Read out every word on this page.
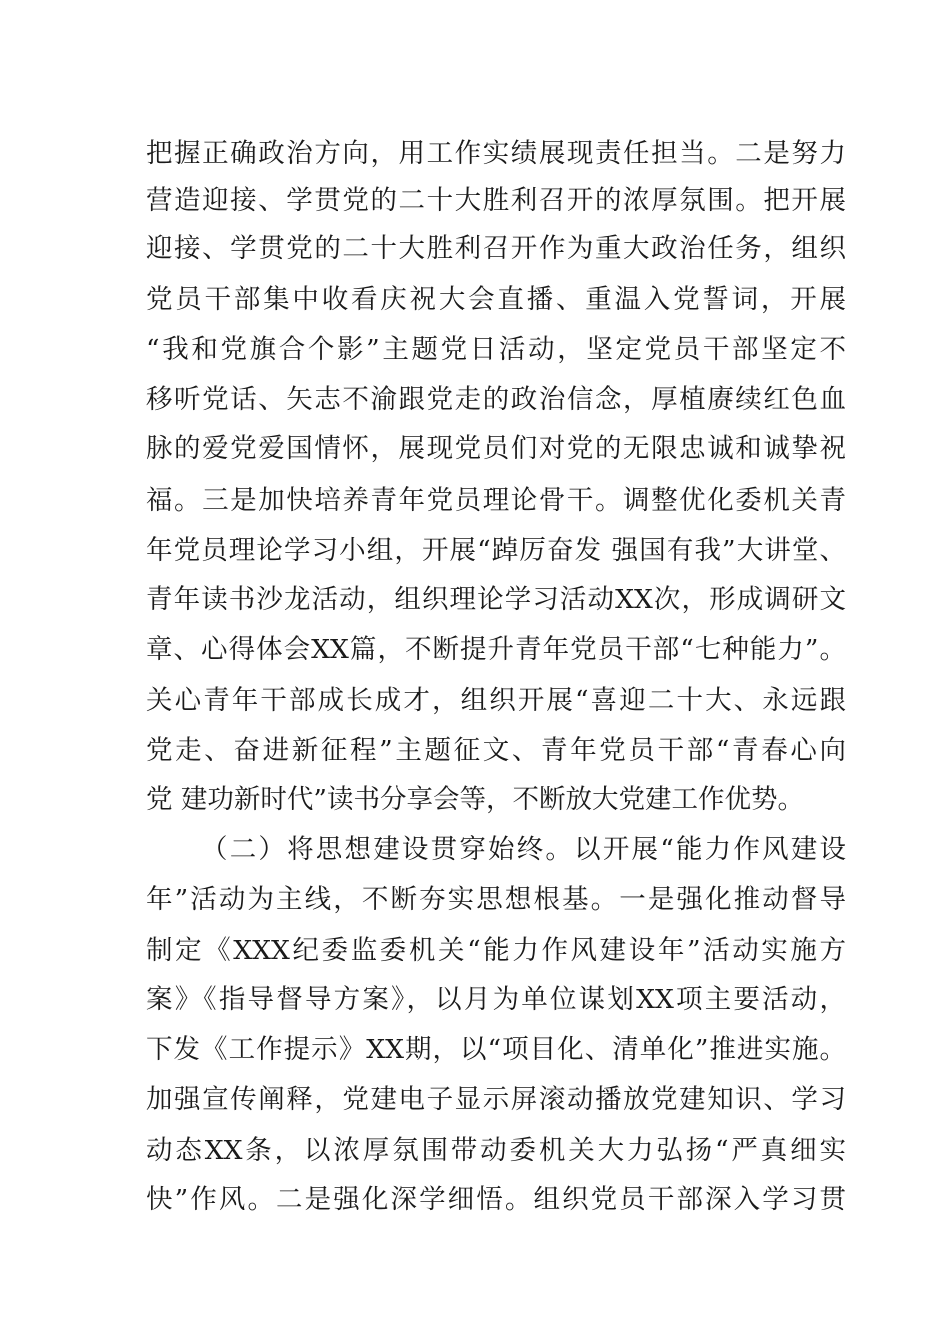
把握正确政治方向，用工作实绩展现责任担当。二是努力
营造迎接、学贯党的二十大胜利召开的浓厚氛围。把开展
迎接、学贯党的二十大胜利召开作为重大政治任务，组织
党员干部集中收看庆祝大会直播、重温入党誓词，开展
“我和党旗合个影”主题党日活动，坚定党员干部坚定不
移听党话、矢志不渝跟党走的政治信念，厚植赓续红色血
脉的爱党爱国情怀，展现党员们对党的无限忠诚和诚挚祝
福。三是加快培养青年党员理论骨干。调整优化委机关青
年党员理论学习小组，开展“踔厉奋发 强国有我”大讲堂、
青年读书沙龙活动，组织理论学习活动XX次，形成调研文
章、心得体会XX篇，不断提升青年党员干部“七种能力”。
关心青年干部成长成才，组织开展“喜迎二十大、永远跟
党走、奋进新征程”主题征文、青年党员干部“青春心向
党 建功新时代”读书分享会等，不断放大党建工作优势。
（二）将思想建设贯穿始终。以开展“能力作风建设
年”活动为主线，不断夯实思想根基。一是强化推动督导
制定《XXX纪委监委机关“能力作风建设年”活动实施方
案》《指导督导方案》，以月为单位谋划XX项主要活动，
下发《工作提示》XX期，以“项目化、清单化”推进实施。
加强宣传阐释，党建电子显示屏滚动播放党建知识、学习
动态XX条，以浓厚氛围带动委机关大力弘扬“严真细实
快”作风。二是强化深学细悟。组织党员干部深入学习贯
